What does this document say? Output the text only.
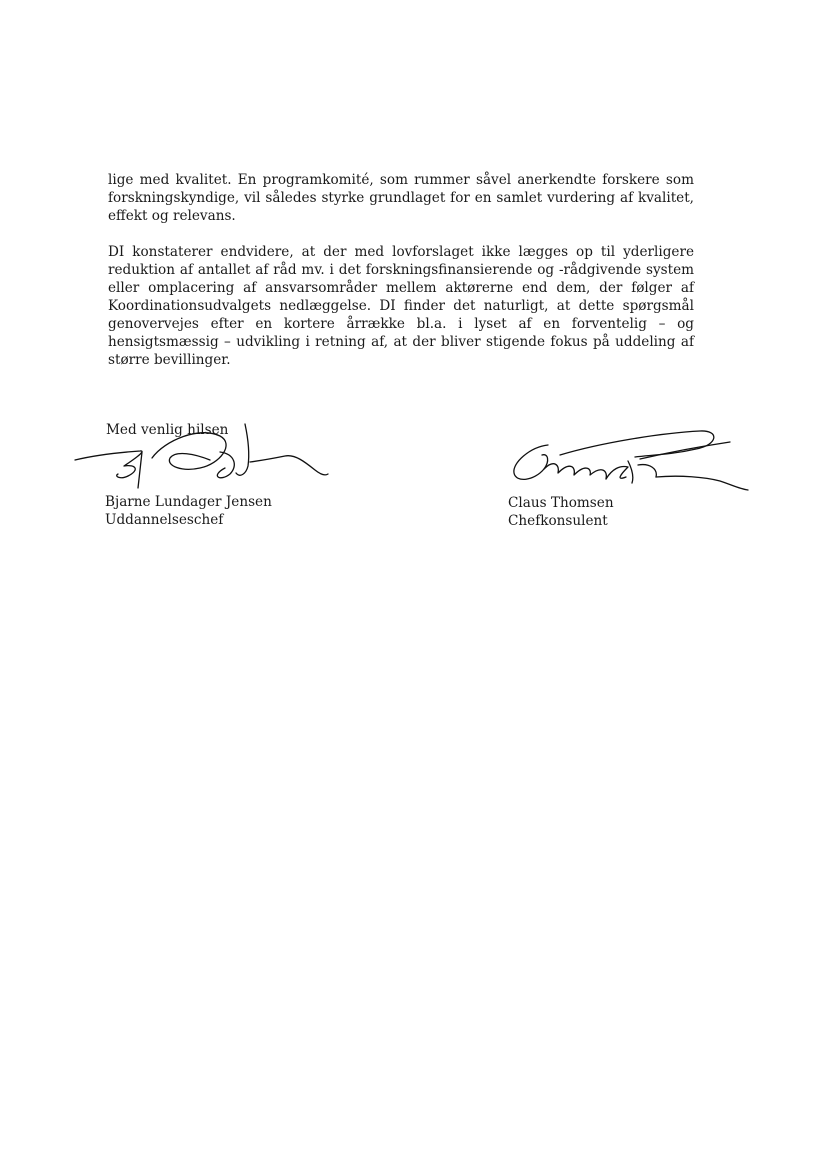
lige med kvalitet. En programkomité, som rummer såvel anerkendte forskere som forskningskyndige, vil således styrke grundlaget for en samlet vurdering af kvalitet, effekt og relevans.

DI konstaterer endvidere, at der med lovforslaget ikke lægges op til yderligere reduktion af antallet af råd mv. i det forskningsfinansierende og -rådgivende system eller omplacering af ansvarsområder mellem aktørerne end dem, der følger af Koordinationsudvalgets nedlæggelse. DI finder det naturligt, at dette spørgsmål genovervejes efter en kortere årrække bl.a. i lyset af en forventelig – og hensigtsmæssig – udvikling i retning af, at der bliver stigende fokus på uddeling af større bevillinger.

Med venlig hilsen

Bjarne Lundager Jensen

Uddannelseschef

Claus Thomsen

Chefkonsulent
